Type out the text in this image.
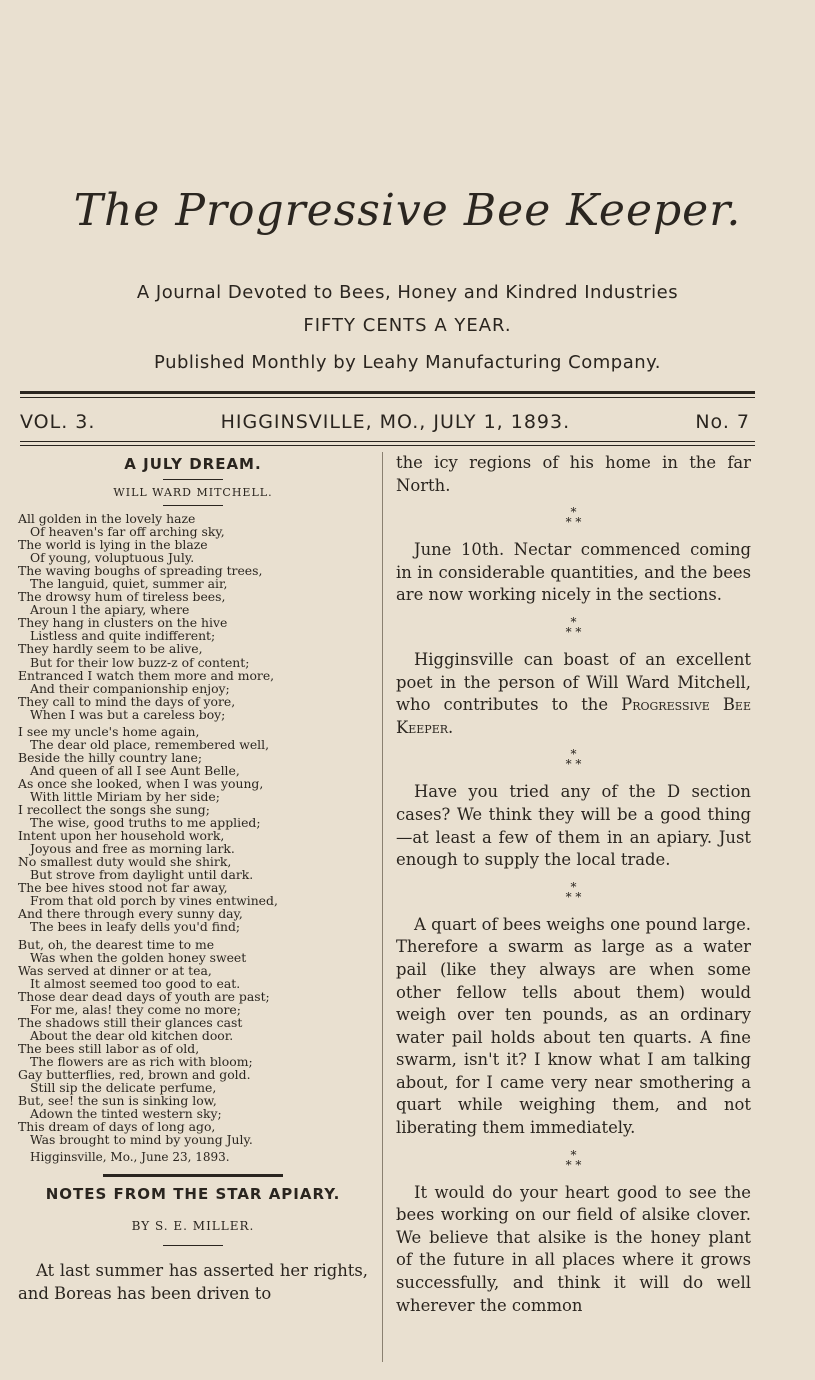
The Progressive Bee Keeper.
A Journal Devoted to Bees, Honey and Kindred Industries
FIFTY CENTS A YEAR.
Published Monthly by Leahy Manufacturing Company.
VOL. 3.	HIGGINSVILLE, MO., JULY 1, 1893.	No. 7
A JULY DREAM.
WILL WARD MITCHELL.
All golden in the lovely haze
Of heaven's far off arching sky,
The world is lying in the blaze
Of young, voluptuous July.
The waving boughs of spreading trees,
The languid, quiet, summer air,
The drowsy hum of tireless bees,
Aroun l the apiary, where
They hang in clusters on the hive
Listless and quite indifferent;
They hardly seem to be alive,
But for their low buzz-z of content;
Entranced I watch them more and more,
And their companionship enjoy;
They call to mind the days of yore,
When I was but a careless boy;
I see my uncle's home again,
The dear old place, remembered well,
Beside the hilly country lane;
And queen of all I see Aunt Belle,
As once she looked, when I was young,
With little Miriam by her side;
I recollect the songs she sung;
The wise, good truths to me applied;
Intent upon her household work,
Joyous and free as morning lark.
No smallest duty would she shirk,
But strove from daylight until dark.
The bee hives stood not far away,
From that old porch by vines entwined,
And there through every sunny day,
The bees in leafy dells you'd find;
But, oh, the dearest time to me
Was when the golden honey sweet
Was served at dinner or at tea,
It almost seemed too good to eat.
Those dear dead days of youth are past;
For me, alas! they come no more;
The shadows still their glances cast
About the dear old kitchen door.
The bees still labor as of old,
The flowers are as rich with bloom;
Gay butterflies, red, brown and gold.
Still sip the delicate perfume,
But, see! the sun is sinking low,
Adown the tinted western sky;
This dream of days of long ago,
Was brought to mind by young July.
Higginsville, Mo., June 23, 1893.
NOTES FROM THE STAR APIARY.
BY S. E. MILLER.
At last summer has asserted her rights, and Boreas has been driven to
the icy regions of his home in the far North.
*
* *
June 10th. Nectar commenced coming in in considerable quantities, and the bees are now working nicely in the sections.
*
* *
Higginsville can boast of an excellent poet in the person of Will Ward Mitchell, who contributes to the Progressive Bee Keeper.
*
* *
Have you tried any of the D section cases? We think they will be a good thing—at least a few of them in an apiary. Just enough to supply the local trade.
*
* *
A quart of bees weighs one pound large. Therefore a swarm as large as a water pail (like they always are when some other fellow tells about them) would weigh over ten pounds, as an ordinary water pail holds about ten quarts. A fine swarm, isn't it? I know what I am talking about, for I came very near smothering a quart while weighing them, and not liberating them immediately.
*
* *
It would do your heart good to see the bees working on our field of alsike clover. We believe that alsike is the honey plant of the future in all places where it grows successfully, and think it will do well wherever the common
